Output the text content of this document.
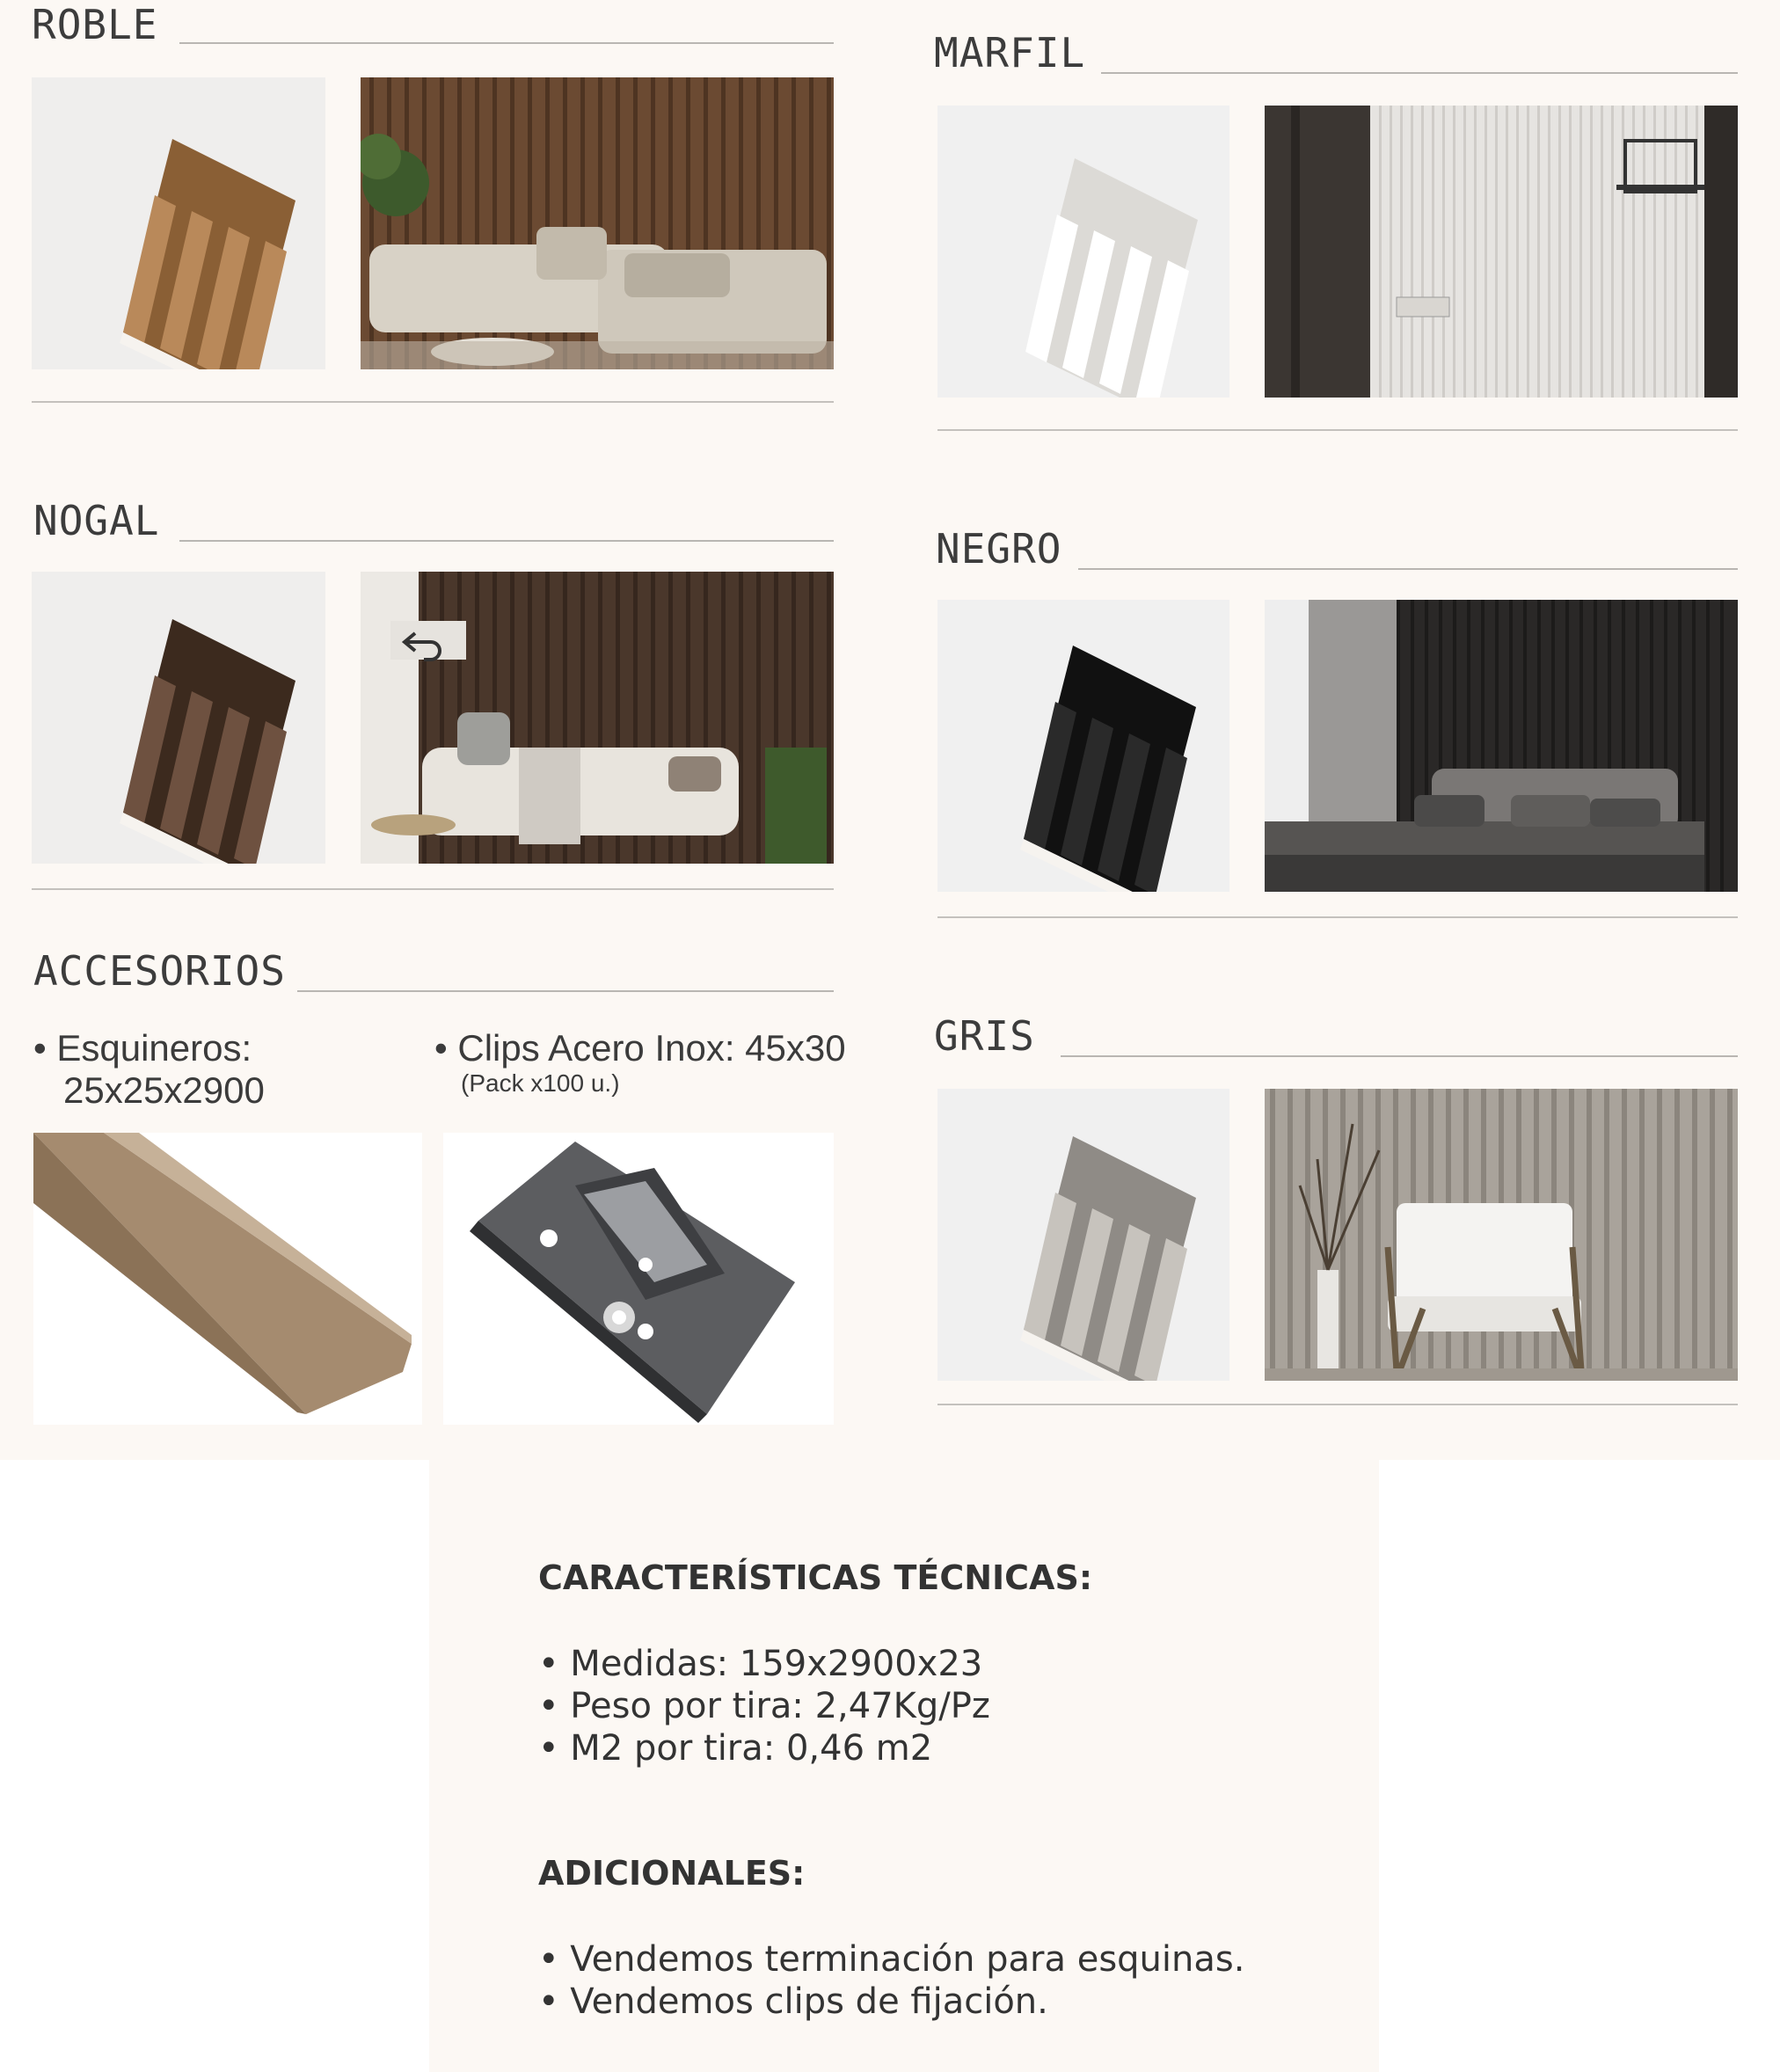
ROBLE
MARFIL
NOGAL
NEGRO
ACCESORIOS
• Esquineros:
25x25x2900
• Clips Acero Inox: 45x30
(Pack x100 u.)
GRIS
CARACTERÍSTICAS TÉCNICAS:
• Medidas: 159x2900x23
• Peso por tira: 2,47Kg/Pz
• M2 por tira: 0,46 m2
ADICIONALES:
• Vendemos terminación para esquinas.
• Vendemos clips de fijación.
